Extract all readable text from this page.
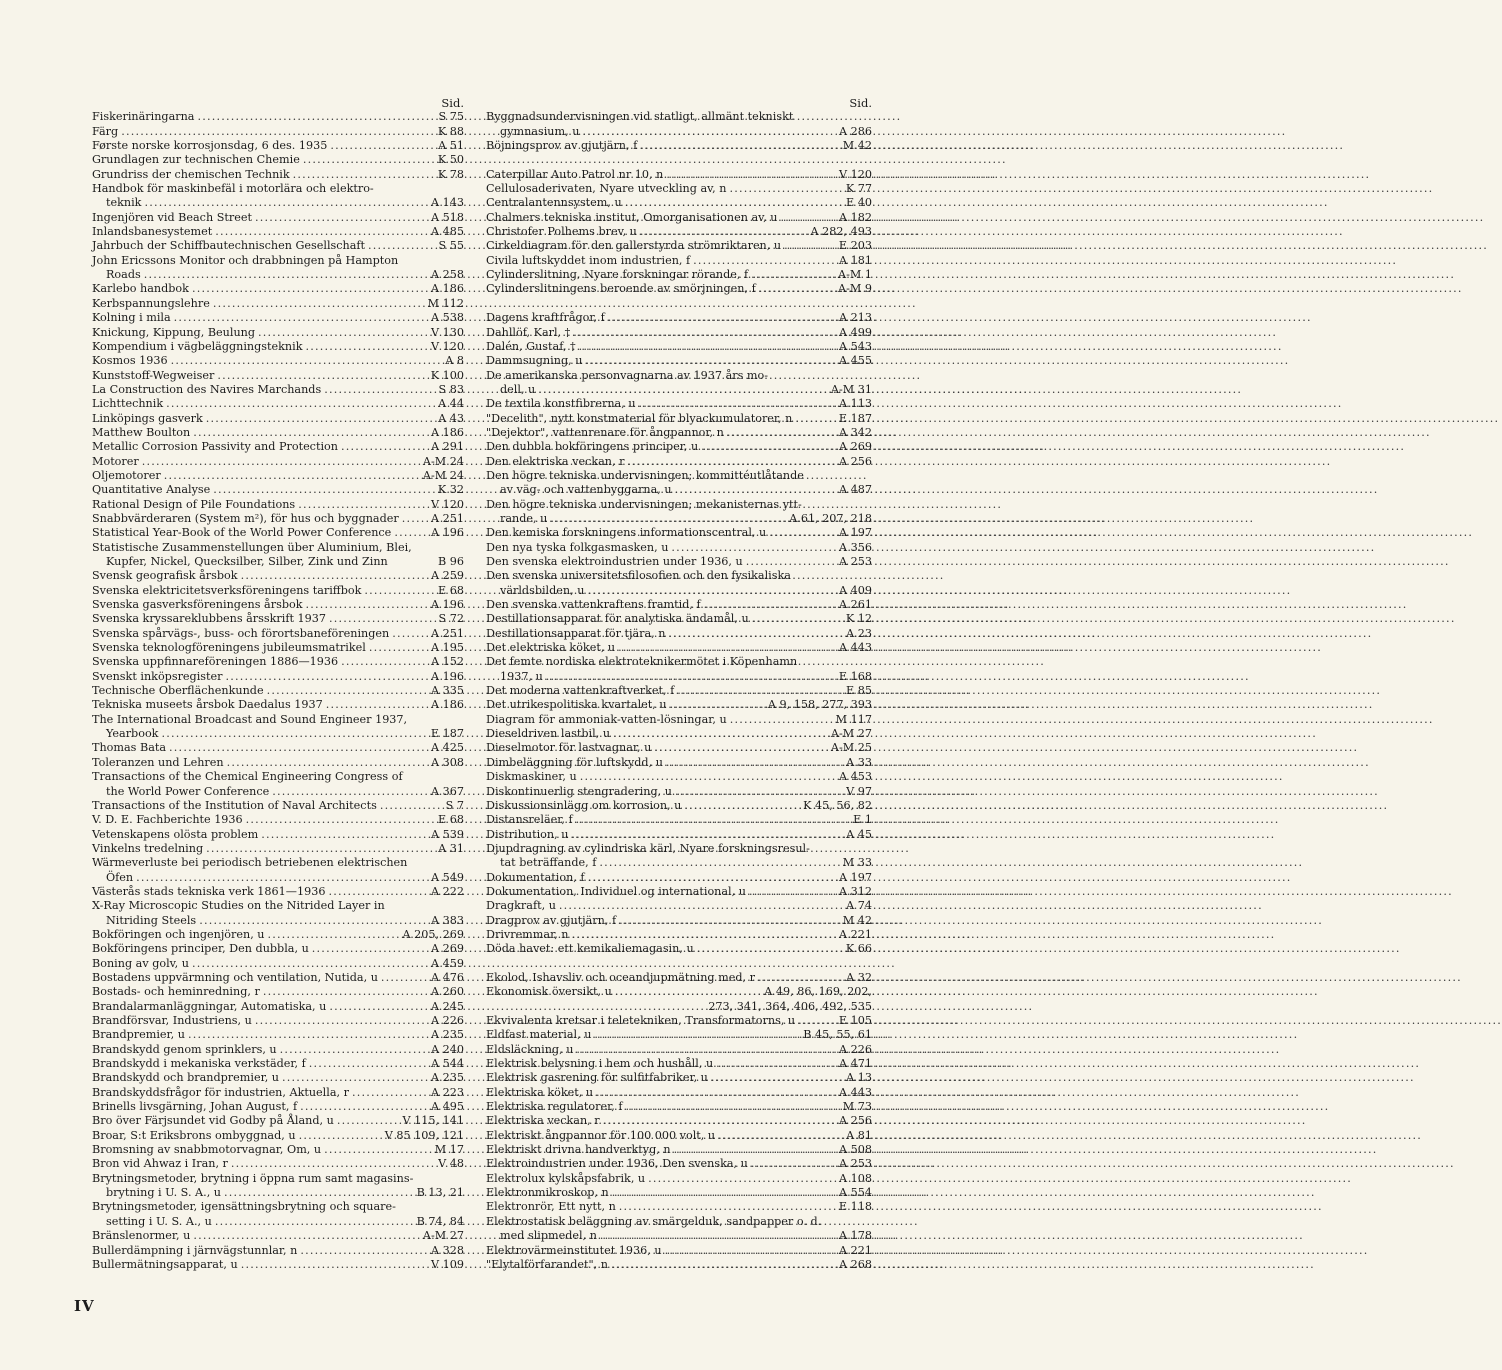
Sid.
Fiskerinäringarna .....	S 75
Färg .....	K 88
Første norske korrosjonsdag, 6 des. 1935 .....	A 51
Grundlagen zur technischen Chemie .....	K 50
Grundriss der chemischen Technik .....	K 78
Handbok för maskinbefäl i motorlära och elektro-
teknik .....	A 143
Ingenjören vid Beach Street .....	A 518
Inlandsbanesystemet .....	A 485
Jahrbuch der Schiffbautechnischen Gesellschaft .....	S 55
John Ericssons Monitor och drabbningen på Hampton
Roads .....	A 258
Karlebo handbok .....	A 186
Kerbspannungslehre .....	M 112
Kolning i mila .....	A 538
Knickung, Kippung, Beulung .....	V 130
Kompendium i vägbeläggningsteknik .....	V 120
Kosmos 1936 .....	A 8
Kunststoff-Wegweiser .....	K 100
La Construction des Navires Marchands .....	S 83
Lichttechnik .....	A 44
Linköpings gasverk .....	A 43
Matthew Boulton .....	A 186
Metallic Corrosion Passivity and Protection .....	A 291
Motorer .....	A-M 24
Oljemotorer .....	A-M 24
Quantitative Analyse .....	K 32
Rational Design of Pile Foundations .....	V 120
Snabbvärderaren (System m²), för hus och byggnader .....	A 251
Statistical Year-Book of the World Power Conference .....	A 196
Statistische Zusammenstellungen über Aluminium, Blei,
Kupfer, Nickel, Quecksilber, Silber, Zink und Zinn	B 96
Svensk geografisk årsbok .....	A 259
Svenska elektricitetsverksföreningens tariffbok .....	E 68
Svenska gasverksföreningens årsbok .....	A 196
Svenska kryssareklubbens årsskrift 1937 .....	S 72
Svenska spårvägs-, buss- och förortsbaneföreningen .....	A 251
Svenska teknologföreningens jubileumsmatrikel .....	A 195
Svenska uppfinnareföreningen 1886—1936 .....	A 152
Svenskt inköpsregister .....	A 196
Technische Oberflächenkunde .....	A 335
Tekniska museets årsbok Daedalus 1937 .....	A 186
The International Broadcast and Sound Engineer 1937,
Yearbook .....	E 187
Thomas Bata .....	A 425
Toleranzen und Lehren .....	A 308
Transactions of the Chemical Engineering Congress of
the World Power Conference .....	A 367
Transactions of the Institution of Naval Architects .....	S 7
V. D. E. Fachberichte 1936 .....	E 68
Vetenskapens olösta problem .....	A 539
Vinkelns tredelning .....	A 31
Wärmeverluste bei periodisch betriebenen elektrischen
Öfen .....	A 549
Västerås stads tekniska verk 1861—1936 .....	A 222
X-Ray Microscopic Studies on the Nitrided Layer in
Nitriding Steels .....	A 383
Bokföringen och ingenjören, u .....	A 205, 269
Bokföringens principer, Den dubbla, u .....	A 269
Boning av golv, u .....	A 459
Bostadens uppvärmning och ventilation, Nutida, u .....	A 476
Bostads- och heminredning, r .....	A 260
Brandalarmanläggningar, Automatiska, u .....	A 245
Brandförsvar, Industriens, u .....	A 226
Brandpremier, u .....	A 235
Brandskydd genom sprinklers, u .....	A 240
Brandskydd i mekaniska verkstäder, f .....	A 544
Brandskydd och brandpremier, u .....	A 235
Brandskyddsfrågor för industrien, Aktuella, r .....	A 223
Brinells livsgärning, Johan August, f .....	A 495
Bro över Färjsundet vid Godby på Åland, u .....	V 115, 141
Broar, S:t Eriksbrons ombyggnad, u .....	V 85 109, 121
Bromsning av snabbmotorvagnar, Om, u .....	M 17
Bron vid Ahwaz i Iran, r .....	V 48
Brytningsmetoder, brytning i öppna rum samt magasins-
brytning i U. S. A., u .....	B 13, 21
Brytningsmetoder, igensättningsbrytning och square-
setting i U. S. A., u .....	B 74, 84
Bränslenormer, u .....	A-M 27
Bullerdämpning i järnvägstunnlar, n .....	A 328
Bullermätningsapparat, u .....	V 109
Sid.
Byggnadsundervisningen vid statligt, allmänt tekniskt
gymnasium, u .....	A 286
Böjningsprov av gjutjärn, f .....	M 42
Caterpillar Auto Patrol nr 10, n .....	V 120
Cellulosaderivaten, Nyare utveckling av, n .....	K 77
Centralantennsystem, u .....	E 40
Chalmers tekniska institut, Omorganisationen av, u .....	A 182
Christofer Polhems brev, u .....	A 282, 493
Cirkeldiagram för den gallerstyrda strömriktaren, u .....	E 203
Civila luftskyddet inom industrien, f .....	A 181
Cylinderslitning, Nyare forskningar rörande, f .....	A-M 1
Cylinderslitningens beroende av smörjningen, f .....	A-M 9
Dagens kraftfrågor, f .....	A 213
Dahllöf, Karl, † .....	A 499
Dalén, Gustaf, † .....	A 543
Dammsugning, u .....	A 455
De amerikanska personvagnarna av 1937 års mo-
dell, u .....	A-M 31
De textila konstfibrerna, u .....	A 113
"Decelith", nytt konstmaterial för blyackumulatorer, n .....	E 187
"Dejektor", vattenrenare för ångpannor, n .....	A 342
Den dubbla bokföringens principer, u .....	A 269
Den elektriska veckan, r .....	A 256
Den högre tekniska undervisningen; kommittéutlåtande
av väg- och vattenbyggarna, u .....	A 487
Den högre tekniska undervisningen; mekanisternas ytt-
rande, u .....	A 61, 207, 218
Den kemiska forskningens informationscentral, u .....	A 197
Den nya tyska folkgasmasken, u .....	A 356
Den svenska elektroindustrien under 1936, u .....	A 253
Den svenska universitetsfilosofien och den fysikaliska
världsbilden, u .....	A 409
Den svenska vattenkraftens framtid, f .....	A 261
Destillationsapparat för analytiska ändamål, u .....	K 12
Destillationsapparat för tjära, n .....	A 23
Det elektriska köket, u .....	A 443
Det femte nordiska elektroteknikermötet i Köpenhamn
1937, u .....	E 168
Det moderna vattenkraftverket, f .....	E 85
Det utrikespolitiska kvartalet, u .....	A 9, 158, 277, 393
Diagram för ammoniak-vatten-lösningar, u .....	M 117
Dieseldriven lastbil, u .....	A-M 27
Dieselmotor för lastvagnar, u .....	A-M 25
Dimbeläggning för luftskydd, u .....	A 33
Diskmaskiner, u .....	A 453
Diskontinuerlig stengradering, u .....	V 97
Diskussionsinlägg om korrosion, u .....	K 45, 56, 82
Distansreläer, f .....	E 1
Distribution, u .....	A 45
Djupdragning av cylindriska kärl, Nyare forskningsresul-
tat beträffande, f .....	M 33
Dokumentation, f .....	A 197
Dokumentation, Individuel og international, u .....	A 312
Dragkraft, u .....	A 74
Dragprov av gjutjärn, f .....	M 42
Drivremmar, n .....	A 221
Döda havet: ett kemikaliemagasin, u .....	K 66
Ekolod, Ishavsliv och oceandjupmätning med, r .....	A 32
Ekonomisk översikt, u .....	A 49, 86, 169, 202,
273, 341, 364, 406, 492, 535
Ekvivalenta kretsar i teletekniken, Transformatorns, u .....	E 105
Eldfast material, u .....	B 45, 55, 61
Eldsläckning, u .....	A 226
Elektrisk belysning i hem och hushåll, u .....	A 471
Elektrisk gasrening för sulfitfabriker, u .....	A 13
Elektriska köket, u .....	A 443
Elektriska regulatorer, f .....	M 73
Elektriska veckan, r .....	A 256
Elektriskt ångpannor för 100 000 volt, u .....	A 81
Elektriskt drivna handverktyg, n .....	A 508
Elektroindustrien under 1936, Den svenska, u .....	A 253
Elektrolux kylskåpsfabrik, u .....	A 108
Elektronmikroskop, n .....	A 554
Elektronrör, Ett nytt, n .....	E 118
Elektrostatisk beläggning av smärgelduk, sandpapper o. d.
med slipmedel, n .....	A 178
Elektrovärmeinstitutet 1936, u .....	A 221
"Elytalförfarandet", n .....	A 268
IV
